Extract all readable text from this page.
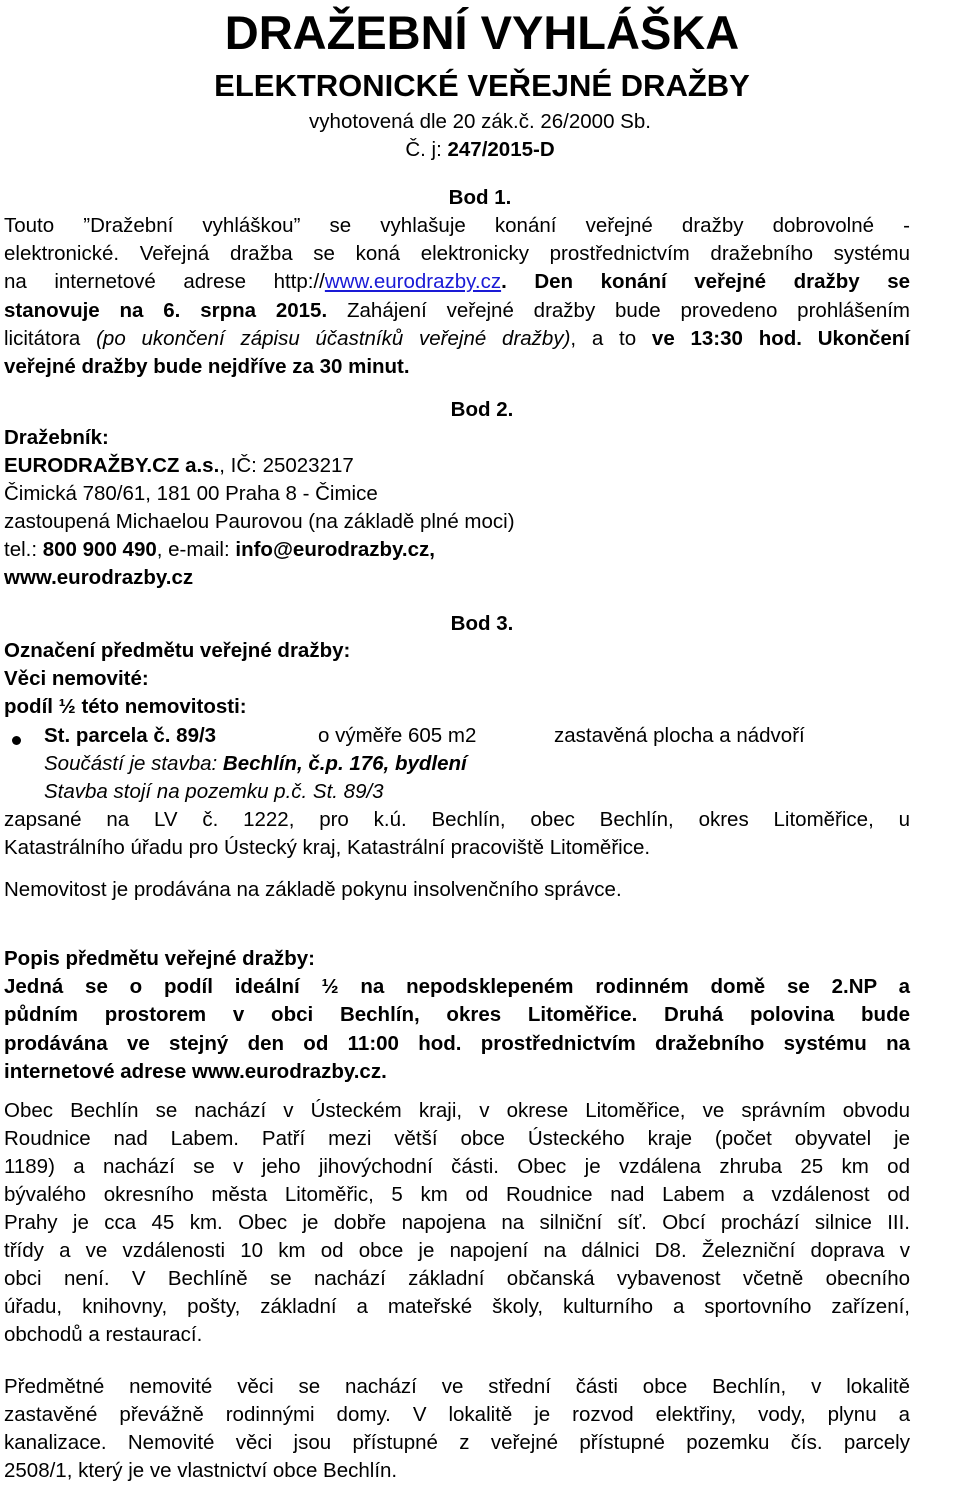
DRAŽEBNÍ VYHLÁŠKA
ELEKTRONICKÉ VEŘEJNÉ DRAŽBY
vyhotovená dle 20 zák.č. 26/2000 Sb.
Č. j: 247/2015-D
Bod 1.
Touto ”Dražební vyhláškou” se vyhlašuje konání veřejné dražby dobrovolné -
elektronické. Veřejná dražba se koná elektronicky prostřednictvím dražebního systému
na internetové adrese http://www.eurodrazby.cz. Den konání veřejné dražby se
stanovuje na 6. srpna 2015. Zahájení veřejné dražby bude provedeno prohlášením
licitátora (po ukončení zápisu účastníků veřejné dražby), a to ve 13:30 hod. Ukončení
veřejné dražby bude nejdříve za 30 minut.
Bod 2.
Dražebník:
EURODRAŽBY.CZ a.s., IČ: 25023217
Čimická 780/61, 181 00 Praha 8 - Čimice
zastoupená Michaelou Paurovou (na základě plné moci)
tel.: 800 900 490, e-mail: info@eurodrazby.cz,
www.eurodrazby.cz
Bod 3.
Označení předmětu veřejné dražby:
Věci nemovité:
podíl ½ této nemovitosti:
St. parcela č. 89/3	o výměře 605 m2	zastavěná plocha a nádvoří
Součástí je stavba: Bechlín, č.p. 176, bydlení
Stavba stojí na pozemku p.č. St. 89/3
zapsané na LV č. 1222, pro k.ú. Bechlín, obec Bechlín, okres Litoměřice, u
Katastrálního úřadu pro Ústecký kraj, Katastrální pracoviště Litoměřice.
Nemovitost je prodávána na základě pokynu insolvenčního správce.
Popis předmětu veřejné dražby:
Jedná se o podíl ideální ½ na nepodsklepeném rodinném domě se 2.NP a
půdním prostorem v obci Bechlín, okres Litoměřice. Druhá polovina bude
prodávána ve stejný den od 11:00 hod. prostřednictvím dražebního systému na
internetové adrese www.eurodrazby.cz.
Obec Bechlín se nachází v Ústeckém kraji, v okrese Litoměřice, ve správním obvodu
Roudnice nad Labem. Patří mezi větší obce Ústeckého kraje (počet obyvatel je
1189) a nachází se v jeho jihovýchodní části. Obec je vzdálena zhruba 25 km od
bývalého okresního města Litoměřic, 5 km od Roudnice nad Labem a vzdálenost od
Prahy je cca 45 km. Obec je dobře napojena na silniční síť. Obcí prochází silnice III.
třídy a ve vzdálenosti 10 km od obce je napojení na dálnici D8. Železniční doprava v
obci není. V Bechlíně se nachází základní občanská vybavenost včetně obecního
úřadu, knihovny, pošty, základní a mateřské školy, kulturního a sportovního zařízení,
obchodů a restaurací.
Předmětné nemovité věci se nachází ve střední části obce Bechlín, v lokalitě
zastavěné převážně rodinnými domy. V lokalitě je rozvod elektřiny, vody, plynu a
kanalizace. Nemovité věci jsou přístupné z veřejné přístupné pozemku čís. parcely
2508/1, který je ve vlastnictví obce Bechlín.
